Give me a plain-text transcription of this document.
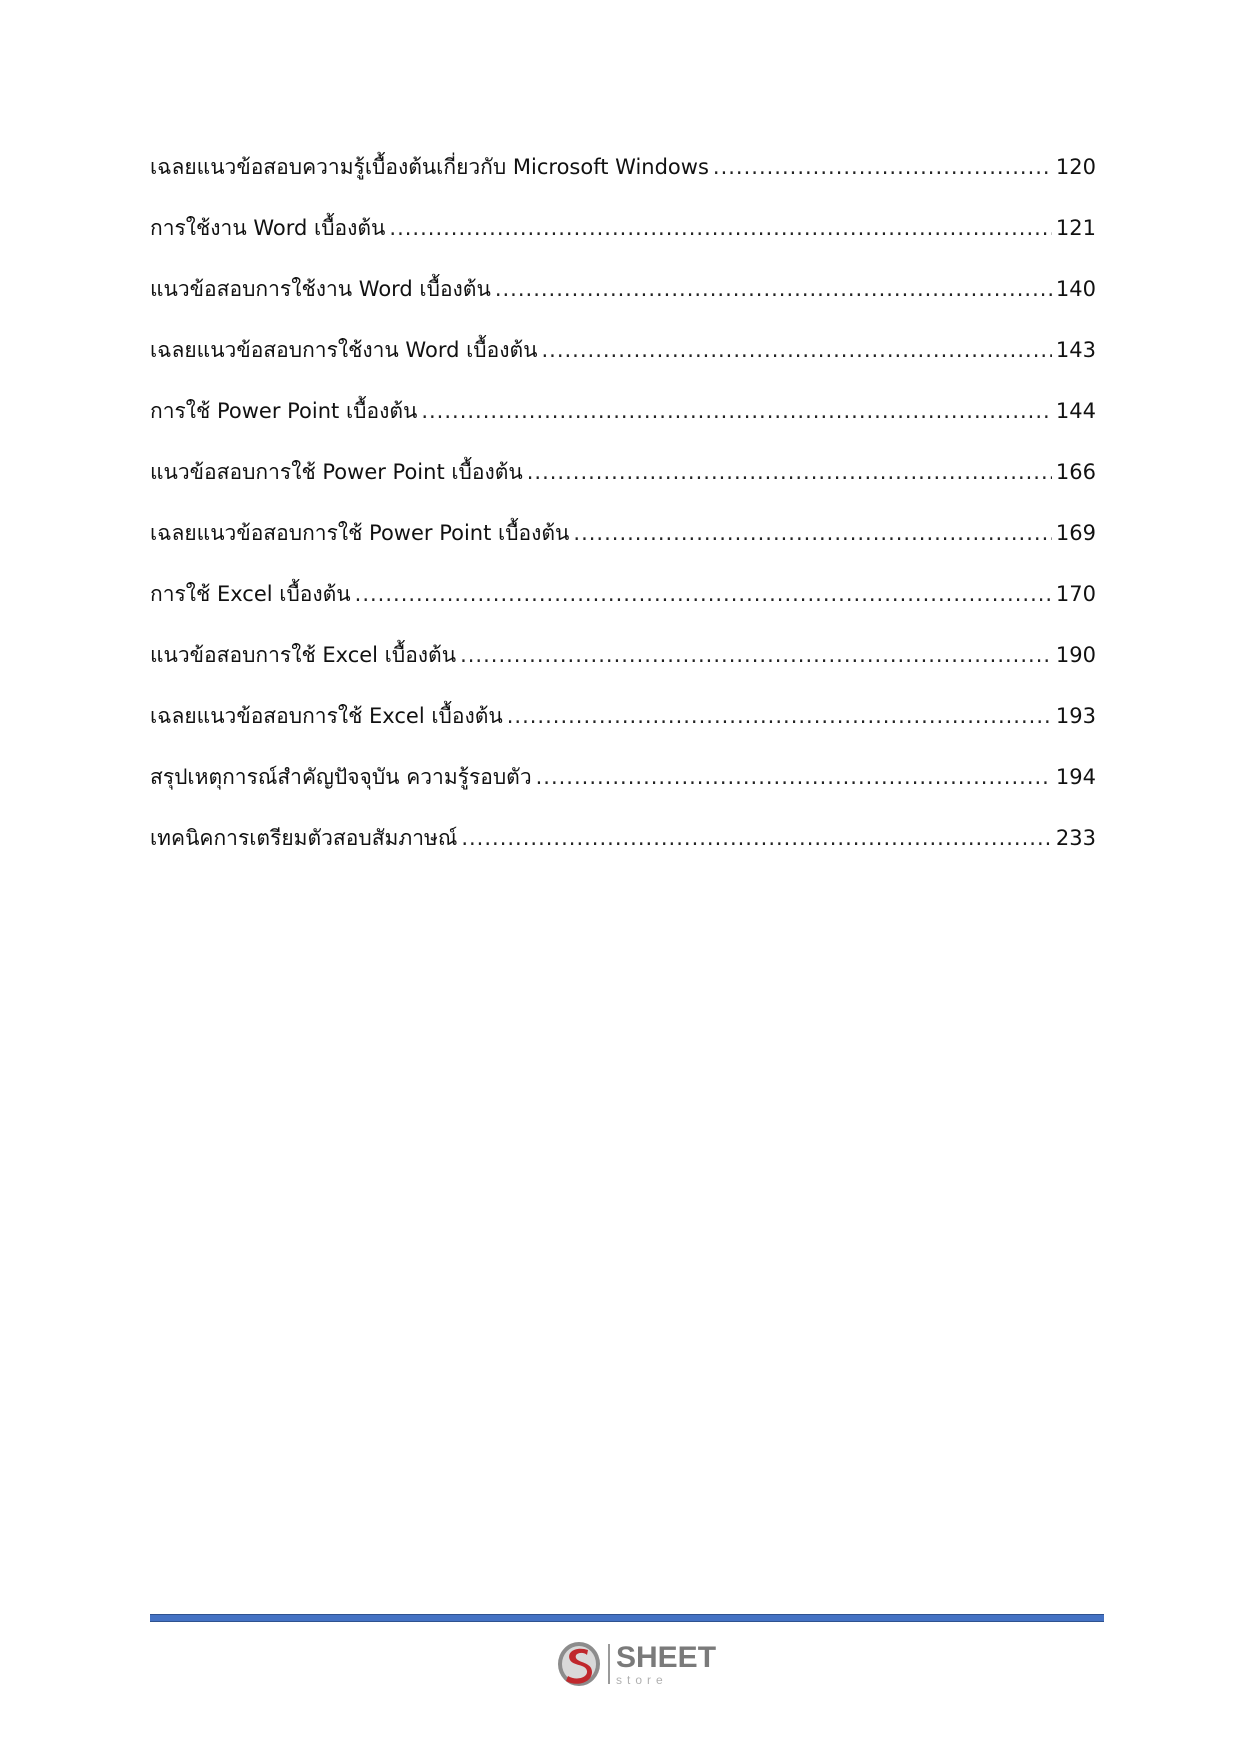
เฉลยแนวข้อสอบความรู้เบื้องต้นเกี่ยวกับ Microsoft Windows .....	120
การใช้งาน Word เบื้องต้น .....	121
แนวข้อสอบการใช้งาน Word เบื้องต้น .....	140
เฉลยแนวข้อสอบการใช้งาน Word เบื้องต้น .....	143
การใช้ Power Point เบื้องต้น .....	144
แนวข้อสอบการใช้ Power Point เบื้องต้น .....	166
เฉลยแนวข้อสอบการใช้ Power Point เบื้องต้น .....	169
การใช้ Excel เบื้องต้น .....	170
แนวข้อสอบการใช้ Excel เบื้องต้น .....	190
เฉลยแนวข้อสอบการใช้ Excel เบื้องต้น .....	193
สรุปเหตุการณ์สำคัญปัจจุบัน ความรู้รอบตัว .....	194
เทคนิคการเตรียมตัวสอบสัมภาษณ์ .....	233
SHEET
store
